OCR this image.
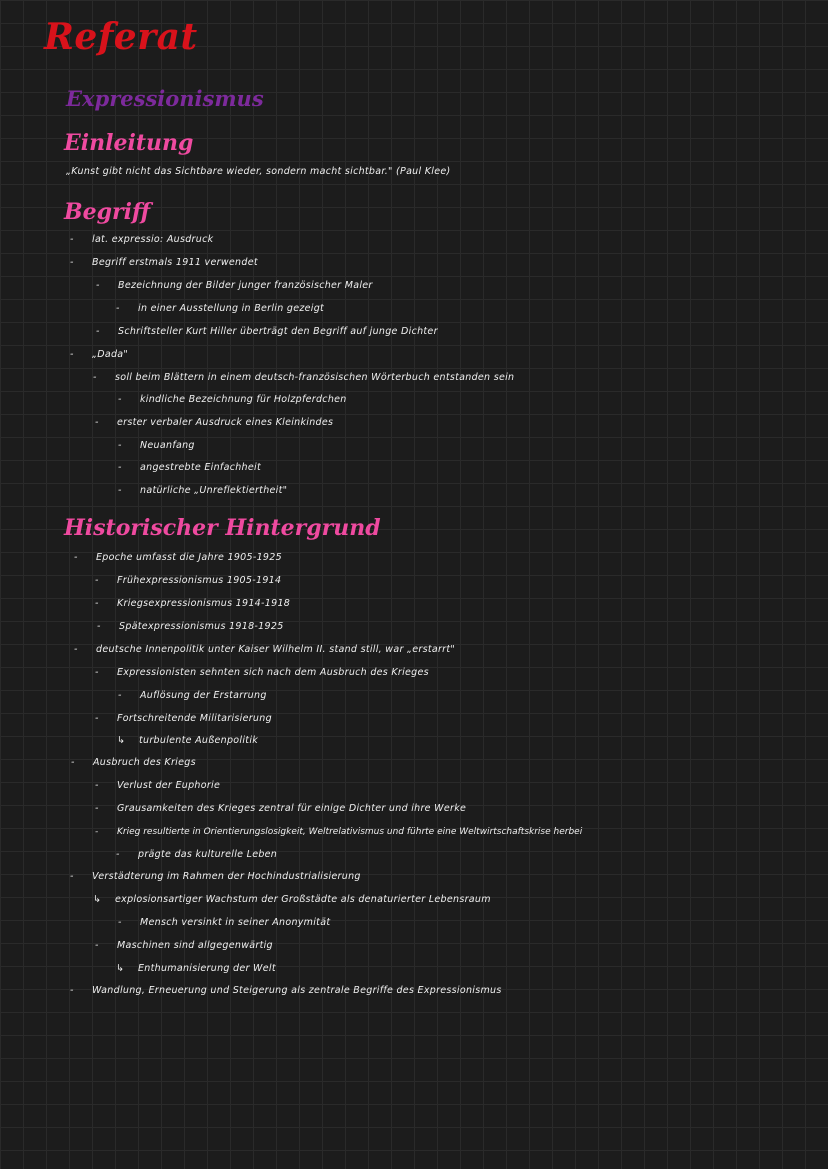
Referat
Expressionismus
Einleitung
„Kunst gibt nicht das Sichtbare wieder, sondern macht sichtbar." (Paul Klee)
Begriff
- lat. expressio: Ausdruck
- Begriff erstmals 1911 verwendet
- Bezeichnung der Bilder junger französischer Maler
- in einer Ausstellung in Berlin gezeigt
- Schriftsteller Kurt Hiller überträgt den Begriff auf junge Dichter
- „Dada"
- soll beim Blättern in einem deutsch-französischen Wörterbuch entstanden sein
- kindliche Bezeichnung für Holzpferdchen
- erster verbaler Ausdruck eines Kleinkindes
- Neuanfang
- angestrebte Einfachheit
- natürliche „Unreflektiertheit"
Historischer Hintergrund
- Epoche umfasst die Jahre 1905-1925
- Frühexpressionismus 1905-1914
- Kriegsexpressionismus 1914-1918
- Spätexpressionismus 1918-1925
- deutsche Innenpolitik unter Kaiser Wilhelm II. stand still, war „erstarrt"
- Expressionisten sehnten sich nach dem Ausbruch des Krieges
- Auflösung der Erstarrung
- Fortschreitende Militarisierung
↳ turbulente Außenpolitik
- Ausbruch des Kriegs
- Verlust der Euphorie
- Grausamkeiten des Krieges zentral für einige Dichter und ihre Werke
- Krieg resultierte in Orientierungslosigkeit, Weltrelativismus und führte eine Weltwirtschaftskrise herbei
- prägte das kulturelle Leben
- Verstädterung im Rahmen der Hochindustrialisierung
↳ explosionsartiger Wachstum der Großstädte als denaturierter Lebensraum
- Mensch versinkt in seiner Anonymität
- Maschinen sind allgegenwärtig
↳ Enthumanisierung der Welt
- Wandlung, Erneuerung und Steigerung als zentrale Begriffe des Expressionismus
